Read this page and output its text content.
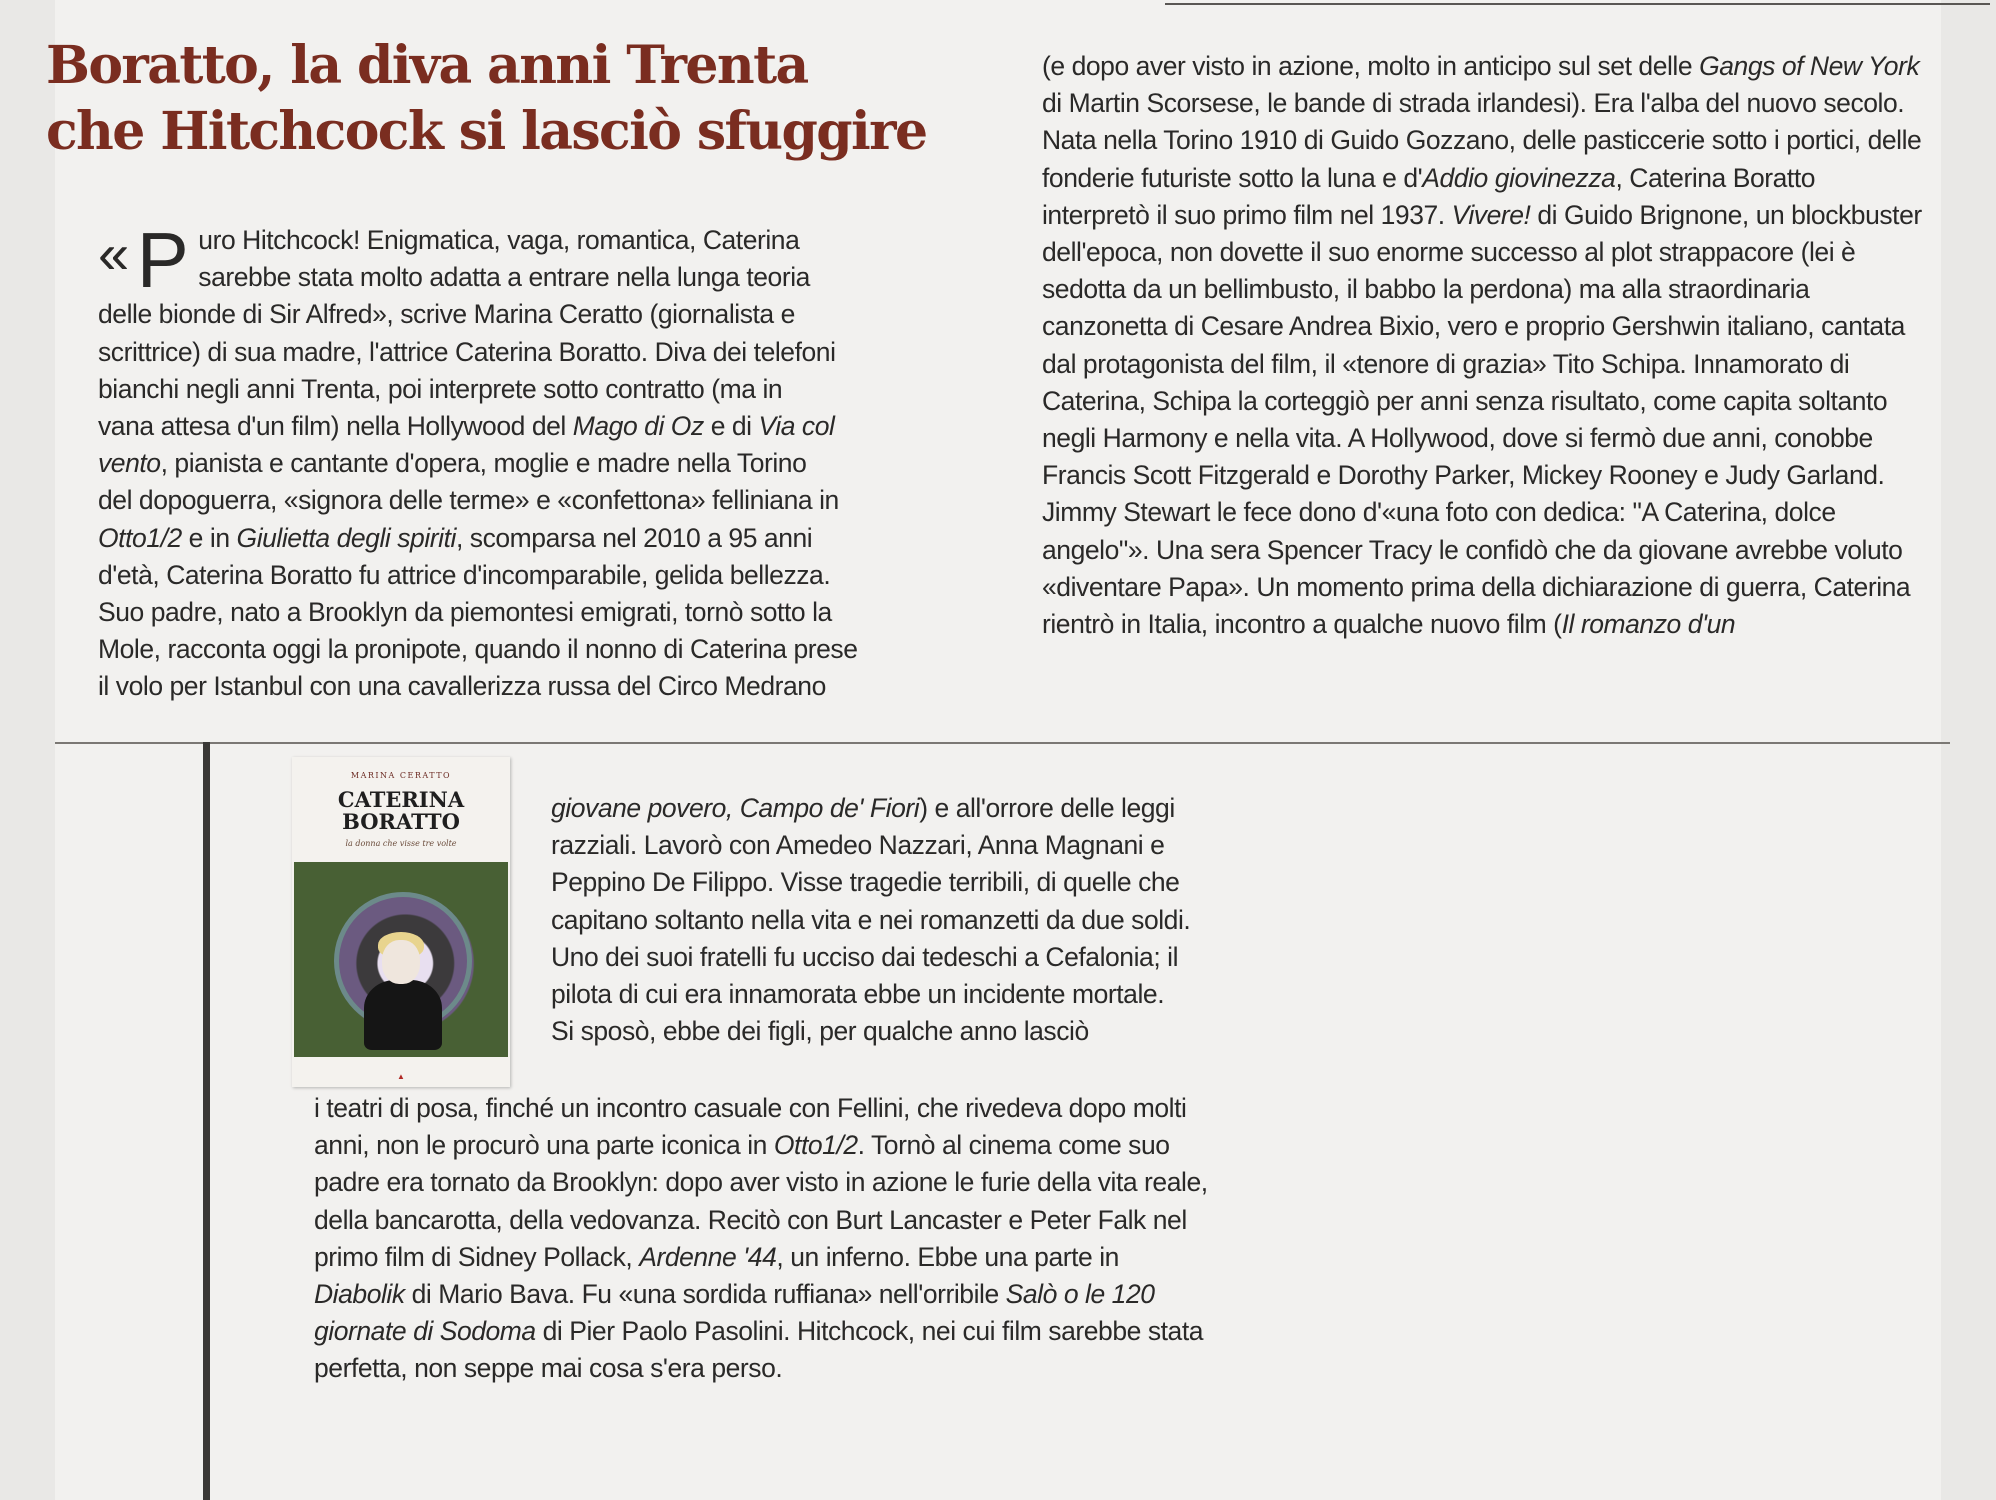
Boratto, la diva anni Trenta
che Hitchcock si lasciò sfuggire
« P uro Hitchcock! Enigmatica, vaga, romantica, Caterina
sarebbe stata molto adatta a entrare nella lunga teoria
delle bionde di Sir Alfred», scrive Marina Ceratto (giornalista e
scrittrice) di sua madre, l'attrice Caterina Boratto. Diva dei telefoni
bianchi negli anni Trenta, poi interprete sotto contratto (ma in
vana attesa d'un film) nella Hollywood del Mago di Oz e di Via col
vento, pianista e cantante d'opera, moglie e madre nella Torino
del dopoguerra, «signora delle terme» e «confettona» felliniana in
Otto1/2 e in Giulietta degli spiriti, scomparsa nel 2010 a 95 anni
d'età, Caterina Boratto fu attrice d'incomparabile, gelida bellezza.
Suo padre, nato a Brooklyn da piemontesi emigrati, tornò sotto la
Mole, racconta oggi la pronipote, quando il nonno di Caterina prese
il volo per Istanbul con una cavallerizza russa del Circo Medrano

(e dopo aver visto in azione, molto in anticipo sul set delle Gangs of New York di Martin Scorsese, le bande di strada irlandesi). Era l'alba del nuovo secolo. Nata nella Torino 1910 di Guido Gozzano, delle pasticcerie sotto i portici, delle fonderie futuriste sotto la luna e d'Addio giovinezza, Caterina Boratto interpretò il suo primo film nel 1937. Vivere! di Guido Brignone, un blockbuster dell'epoca, non dovette il suo enorme successo al plot strappacore (lei è sedotta da un bellimbusto, il babbo la perdona) ma alla straordinaria canzonetta di Cesare Andrea Bixio, vero e proprio Gershwin italiano, cantata dal protagonista del film, il «tenore di grazia» Tito Schipa. Innamorato di Caterina, Schipa la corteggiò per anni senza risultato, come capita soltanto negli Harmony e nella vita. A Hollywood, dove si fermò due anni, conobbe Francis Scott Fitzgerald e Dorothy Parker, Mickey Rooney e Judy Garland. Jimmy Stewart le fece dono d'«una foto con dedica: "A Caterina, dolce angelo"». Una sera Spencer Tracy le confidò che da giovane avrebbe voluto «diventare Papa». Un momento prima della dichiarazione di guerra, Caterina rientrò in Italia, incontro a qualche nuovo film (Il romanzo d'un

MARINA CERATTO
CATERINA
BORATTO
la donna che visse tre volte
▲

giovane povero, Campo de' Fiori) e all'orrore delle leggi razziali. Lavorò con Amedeo Nazzari, Anna Magnani e Peppino De Filippo. Visse tragedie terribili, di quelle che capitano soltanto nella vita e nei romanzetti da due soldi. Uno dei suoi fratelli fu ucciso dai tedeschi a Cefalonia; il pilota di cui era innamorata ebbe un incidente mortale.

Si sposò, ebbe dei figli, per qualche anno lasciò

i teatri di posa, finché un incontro casuale con Fellini, che rivedeva dopo molti anni, non le procurò una parte iconica in Otto1/2. Tornò al cinema come suo padre era tornato da Brooklyn: dopo aver visto in azione le furie della vita reale, della bancarotta, della vedovanza. Recitò con Burt Lancaster e Peter Falk nel primo film di Sidney Pollack, Ardenne '44, un inferno. Ebbe una parte in Diabolik di Mario Bava. Fu «una sordida ruffiana» nell'orribile Salò o le 120 giornate di Sodoma di Pier Paolo Pasolini. Hitchcock, nei cui film sarebbe stata perfetta, non seppe mai cosa s'era perso.
